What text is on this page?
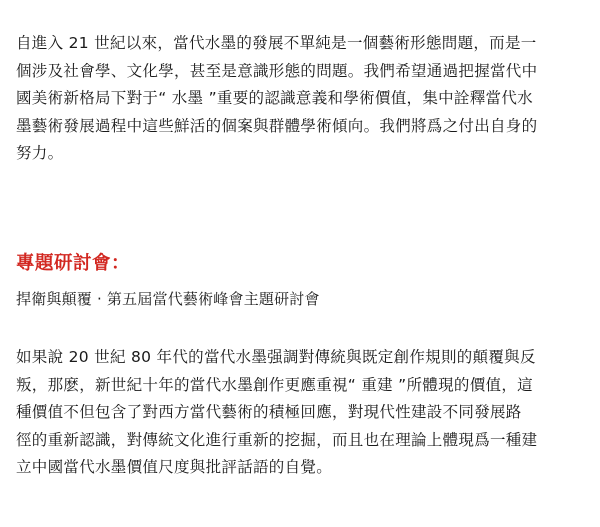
自進入 21 世紀以來，當代水墨的發展不單純是一個藝術形態問題，而是一
個涉及社會學、文化學，甚至是意識形態的問題。我們希望通過把握當代中
國美術新格局下對于“ 水墨 ”重要的認識意義和學術價值，集中詮釋當代水
墨藝術發展過程中這些鮮活的個案與群體學術傾向。我們將爲之付出自身的
努力。
專題研討會：

捍衛與顛覆 · 第五屆當代藝術峰會主題研討會

如果說 20 世紀 80 年代的當代水墨强調對傳統與既定創作規則的顛覆與反
叛，那麽，新世紀十年的當代水墨創作更應重視“ 重建 ”所體現的價值，這
種價值不但包含了對西方當代藝術的積極回應，對現代性建設不同發展路
徑的重新認識，對傳統文化進行重新的挖掘，而且也在理論上體現爲一種建
立中國當代水墨價值尺度與批評話語的自覺。
